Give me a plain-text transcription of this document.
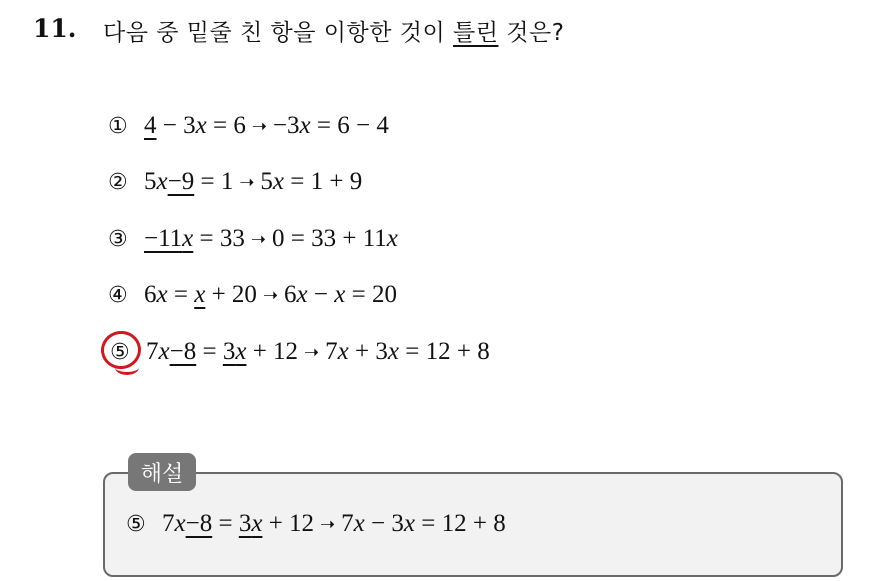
11. 다음 중 밑줄 친 항을 이항한 것이 틀린 것은?
① 4 − 3 x = 6 ➝ −3x = 6 − 4
② 5 x −9 = 1 ➝ 5x = 1 + 9
③ −11 x = 33 ➝ 0 = 33 + 11x
④ 6 x = x + 20 ➝ 6x − x = 20
⑤ 7 x −8 = 3 x + 12 ➝ 7x + 3x = 12 + 8
해설
⑤ 7 x −8 = 3 x + 12 ➝ 7x − 3x = 12 + 8
